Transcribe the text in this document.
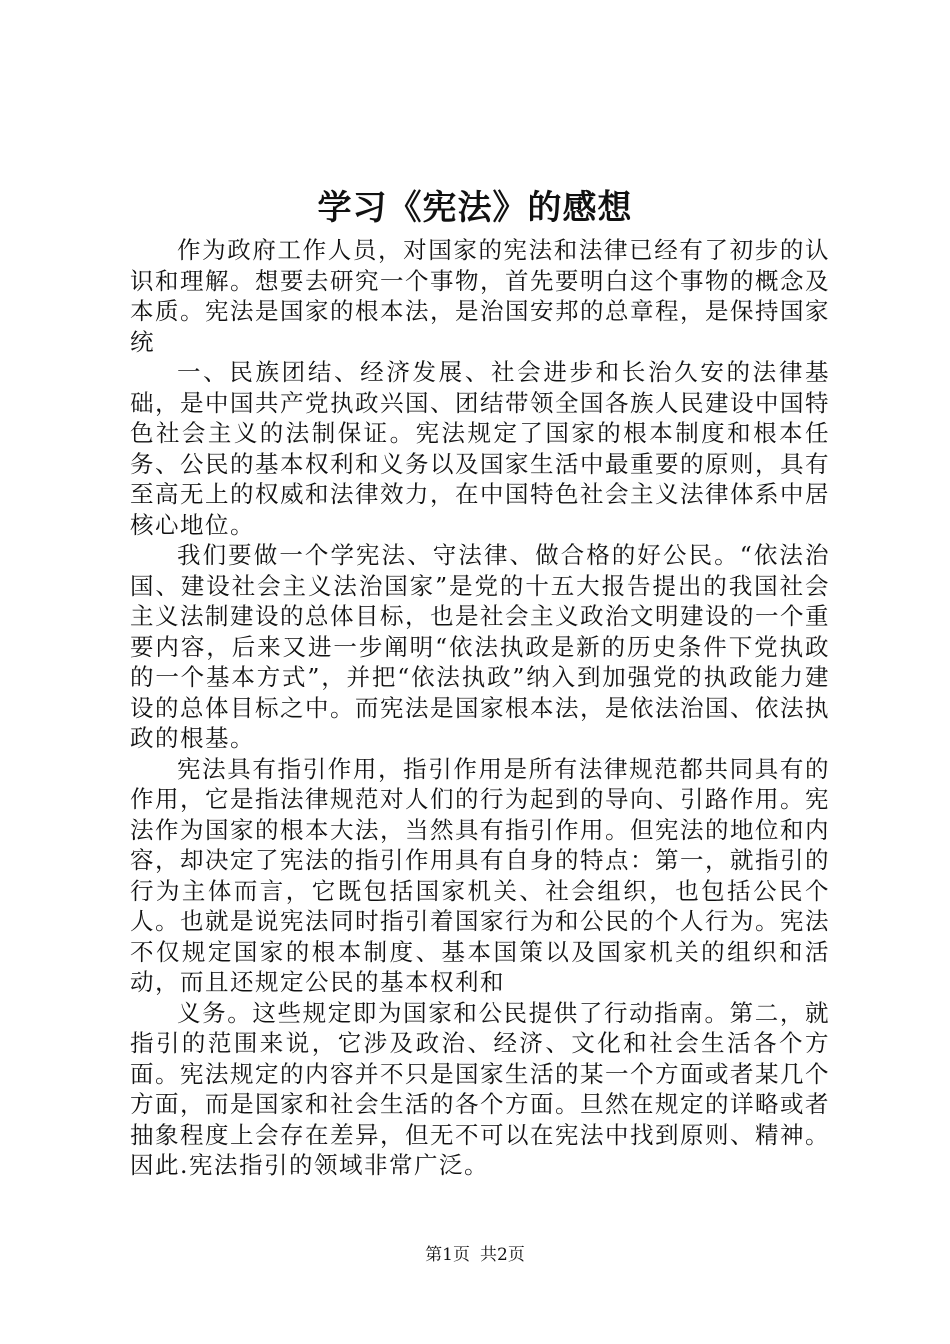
学习《宪法》的感想

作为政府工作人员，对国家的宪法和法律已经有了初步的认识和理解。想要去研究一个事物，首先要明白这个事物的概念及本质。宪法是国家的根本法，是治国安邦的总章程，是保持国家统

一、民族团结、经济发展、社会进步和长治久安的法律基础，是中国共产党执政兴国、团结带领全国各族人民建设中国特色社会主义的法制保证。宪法规定了国家的根本制度和根本任务、公民的基本权利和义务以及国家生活中最重要的原则，具有至高无上的权威和法律效力，在中国特色社会主义法律体系中居核心地位。

我们要做一个学宪法、守法律、做合格的好公民。“依法治国、建设社会主义法治国家”是党的十五大报告提出的我国社会主义法制建设的总体目标，也是社会主义政治文明建设的一个重要内容，后来又进一步阐明“依法执政是新的历史条件下党执政的一个基本方式”，并把“依法执政”纳入到加强党的执政能力建设的总体目标之中。而宪法是国家根本法，是依法治国、依法执政的根基。

宪法具有指引作用，指引作用是所有法律规范都共同具有的作用，它是指法律规范对人们的行为起到的导向、引路作用。宪法作为国家的根本大法，当然具有指引作用。但宪法的地位和内容，却决定了宪法的指引作用具有自身的特点：第一，就指引的行为主体而言，它既包括国家机关、社会组织，也包括公民个人。也就是说宪法同时指引着国家行为和公民的个人行为。宪法不仅规定国家的根本制度、基本国策以及国家机关的组织和活动，而且还规定公民的基本权利和

义务。这些规定即为国家和公民提供了行动指南。第二，就指引的范围来说，它涉及政治、经济、文化和社会生活各个方面。宪法规定的内容并不只是国家生活的某一个方面或者某几个方面，而是国家和社会生活的各个方面。旦然在规定的详略或者抽象程度上会存在差异，但无不可以在宪法中找到原则、精神。因此.宪法指引的领域非常广泛。

第1页 共2页
